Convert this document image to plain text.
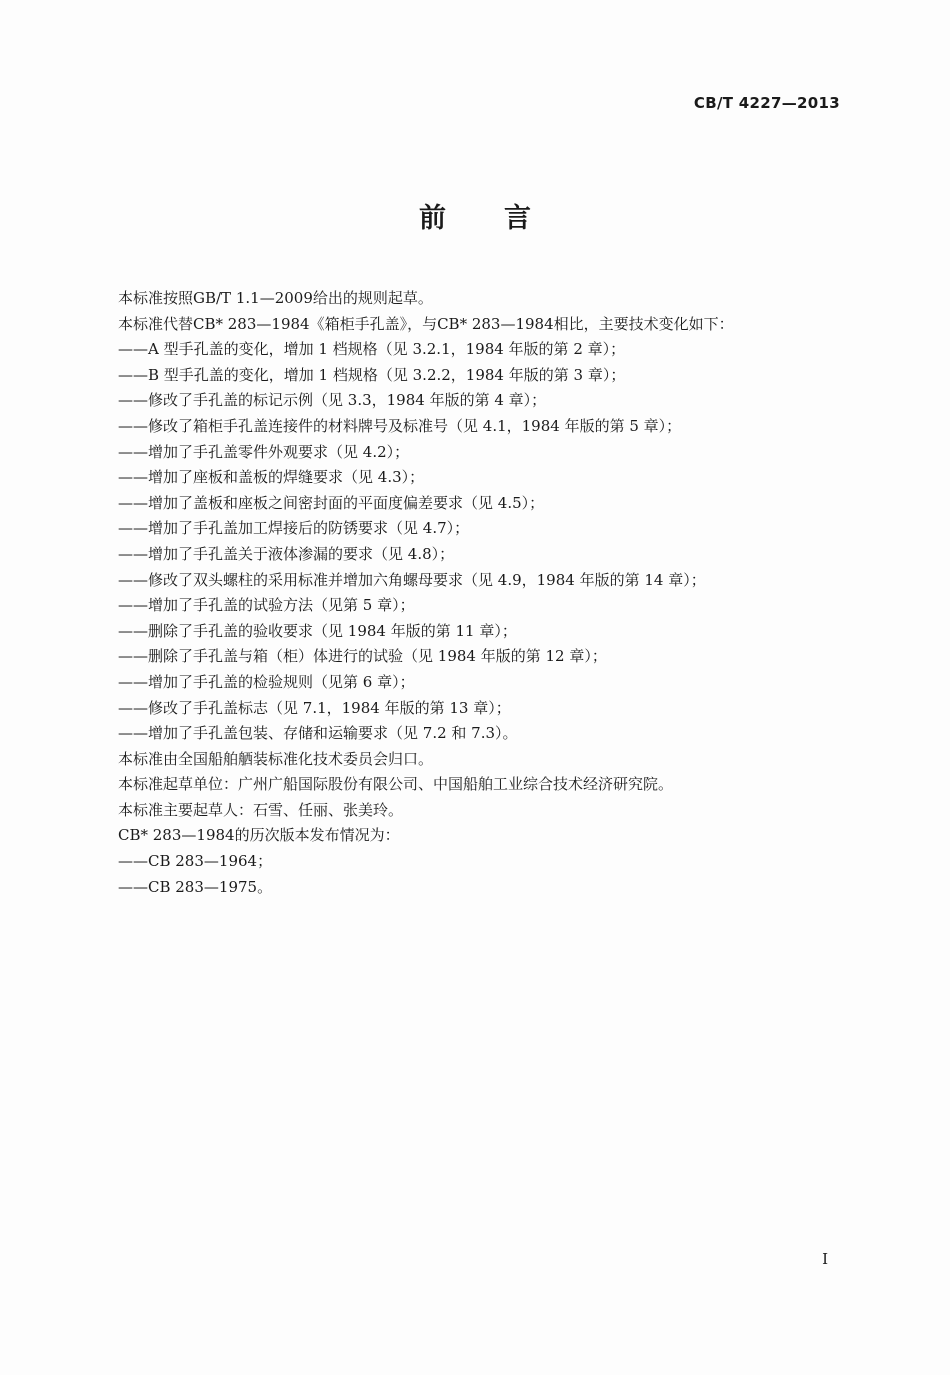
CB/T 4227—2013
前 言
本标准按照GB/T 1.1—2009给出的规则起草。
本标准代替CB* 283—1984《箱柜手孔盖》，与CB* 283—1984相比，主要技术变化如下：
——A 型手孔盖的变化，增加 1 档规格（见 3.2.1，1984 年版的第 2 章）；
——B 型手孔盖的变化，增加 1 档规格（见 3.2.2，1984 年版的第 3 章）；
——修改了手孔盖的标记示例（见 3.3，1984 年版的第 4 章）；
——修改了箱柜手孔盖连接件的材料牌号及标准号（见 4.1，1984 年版的第 5 章）；
——增加了手孔盖零件外观要求（见 4.2）；
——增加了座板和盖板的焊缝要求（见 4.3）；
——增加了盖板和座板之间密封面的平面度偏差要求（见 4.5）；
——增加了手孔盖加工焊接后的防锈要求（见 4.7）；
——增加了手孔盖关于液体渗漏的要求（见 4.8）；
——修改了双头螺柱的采用标准并增加六角螺母要求（见 4.9，1984 年版的第 14 章）；
——增加了手孔盖的试验方法（见第 5 章）；
——删除了手孔盖的验收要求（见 1984 年版的第 11 章）；
——删除了手孔盖与箱（柜）体进行的试验（见 1984 年版的第 12 章）；
——增加了手孔盖的检验规则（见第 6 章）；
——修改了手孔盖标志（见 7.1，1984 年版的第 13 章）；
——增加了手孔盖包装、存储和运输要求（见 7.2 和 7.3）。
本标准由全国船舶舾装标准化技术委员会归口。
本标准起草单位：广州广船国际股份有限公司、中国船舶工业综合技术经济研究院。
本标准主要起草人：石雪、任丽、张美玲。
CB* 283—1984的历次版本发布情况为：
——CB 283—1964；
——CB 283—1975。
I
